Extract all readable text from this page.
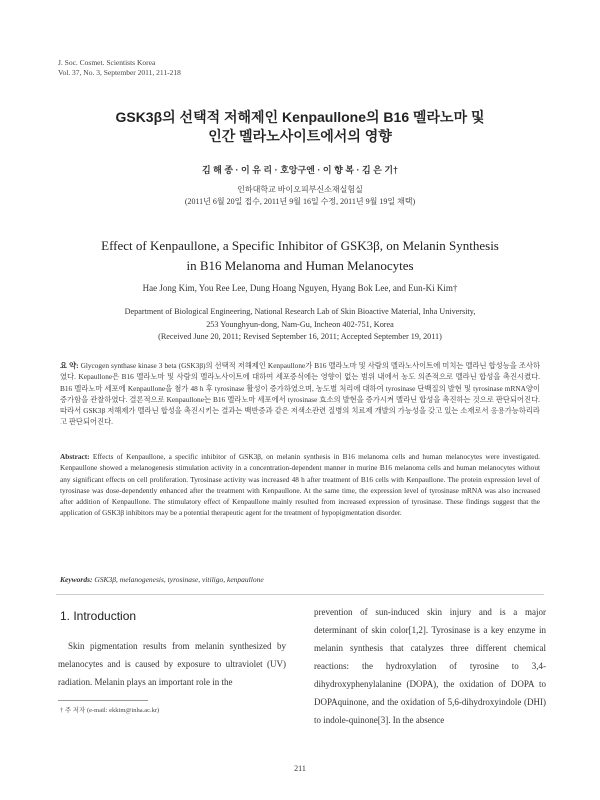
J. Soc. Cosmet. Scientists Korea
Vol. 37, No. 3, September 2011, 211-218
GSK3β의 선택적 저해제인 Kenpaullone의 B16 멜라노마 및
인간 멜라노사이트에서의 영향
김 해 종 · 이 유 리 · 호앙구엔 · 이 향 복 · 김 은 기†
인하대학교 바이오피부신소재실험실
(2011년 6월 20일 접수, 2011년 9월 16일 수정, 2011년 9월 19일 채택)
Effect of Kenpaullone, a Specific Inhibitor of GSK3β, on Melanin Synthesis
in B16 Melanoma and Human Melanocytes
Hae Jong Kim, You Ree Lee, Dung Hoang Nguyen, Hyang Bok Lee, and Eun-Ki Kim†
Department of Biological Engineering, National Research Lab of Skin Bioactive Material, Inha University,
253 Younghyun-dong, Nam-Gu, Incheon 402-751, Korea
(Received June 20, 2011; Revised September 16, 2011; Accepted September 19, 2011)
요 약: Glycogen synthase kinase 3 beta (GSK3β)의 선택적 저해제인 Kenpaullone가 B16 멜라노마 및 사람의 멜라노사이트에 미치는 멜라닌 합성능을 조사하였다. Kepaullone은 B16 멜라노마 및 사람의 멜라노사이트에 대하여 세포증식에는 영향이 없는 범위 내에서 농도 의존적으로 멜라닌 합성을 촉진시켰다. B16 멜라노마 세포에 Kenpaullone을 첨가 48 h 후 tyrosinase 활성이 증가하였으며, 농도별 처리에 대하여 tyrosinase 단백질의 발현 및 tyrosinase mRNA양이 증가함을 관찰하였다. 결론적으로 Kenpaullone는 B16 멜라노마 세포에서 tyrosinase 효소의 발현을 증가시켜 멜라닌 합성을 촉진하는 것으로 판단되어진다. 따라서 GSK3β 저해제가 멜라닌 합성을 촉진시키는 결과는 백반증과 같은 저색소관련 질병의 치료제 개발의 가능성을 갖고 있는 소재로서 응용가능하리라고 판단되어진다.
Abstract: Effects of Kenpaullone, a specific inhibitor of GSK3β, on melanin synthesis in B16 melanoma cells and human melanocytes were investigated. Kenpaullone showed a melanogenesis stimulation activity in a concentration-dependent manner in murine B16 melanoma cells and human melanocytes without any significant effects on cell proliferation. Tyrosinase activity was increased 48 h after treatment of B16 cells with Kenpaullone. The protein expression level of tyrosinase was dose-dependently enhanced after the treatment with Kenpaullone. At the same time, the expression level of tyrosinase mRNA was also increased after addition of Kenpaullone. The stimulatory effect of Kenpaullone mainly resulted from increased expression of tyrosinase. These findings suggest that the application of GSK3β inhibitors may be a potential therapeutic agent for the treatment of hypopigmentation disorder.
Keywords: GSK3β, melanogenesis, tyrosinase, vitiligo, kenpaullone
1. Introduction
Skin pigmentation results from melanin synthesized by melanocytes and is caused by exposure to ultraviolet (UV) radiation. Melanin plays an important role in the
prevention of sun-induced skin injury and is a major determinant of skin color[1,2]. Tyrosinase is a key enzyme in melanin synthesis that catalyzes three different chemical reactions: the hydroxylation of tyrosine to 3,4-dihydroxyphenylalanine (DOPA), the oxidation of DOPA to DOPAquinone, and the oxidation of 5,6-dihydroxyindole (DHI) to indole-quinone[3]. In the absence
† 주 저자 (e-mail: ekkim@inha.ac.kr)
211
